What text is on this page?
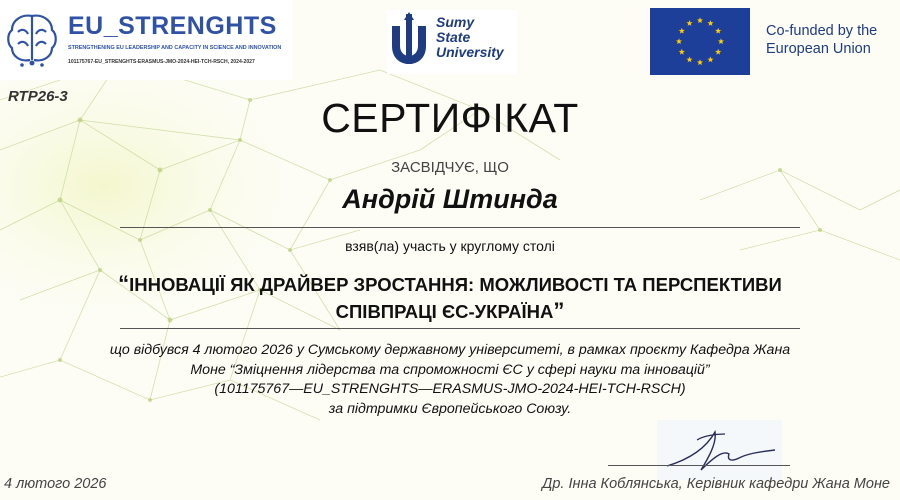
EU_STRENGHTS
STRENGTHENING EU LEADERSHIP AND CAPACITY IN SCIENCE AND INNOVATION
101175767-EU_STRENGHTS-ERASMUS-JMO-2024-HEI-TCH-RSCH, 2024-2027
Sumy
State
University
Co-funded by the
European Union
RTP26-3	СЕРТИФІКАТ
ЗАСВІДЧУЄ, ЩО
Андрій Штинда
взяв(ла) участь у круглому столі
“ІННОВАЦІЇ ЯК ДРАЙВЕР ЗРОСТАННЯ: МОЖЛИВОСТІ ТА ПЕРСПЕКТИВИ
СПІВПРАЦІ ЄС-УКРАЇНА”
що відбувся 4 лютого 2026 у Сумському державному університеті, в рамках проєкту Кафедра Жана
Моне “Зміцнення лідерства та спроможності ЄС у сфері науки та інновацій”
(101175767—EU_STRENGHTS—ERASMUS-JMO-2024-HEI-TCH-RSCH)
за підтримки Європейського Союзу.
4 лютого 2026	Др. Інна Коблянська, Керівник кафедри Жана Моне
